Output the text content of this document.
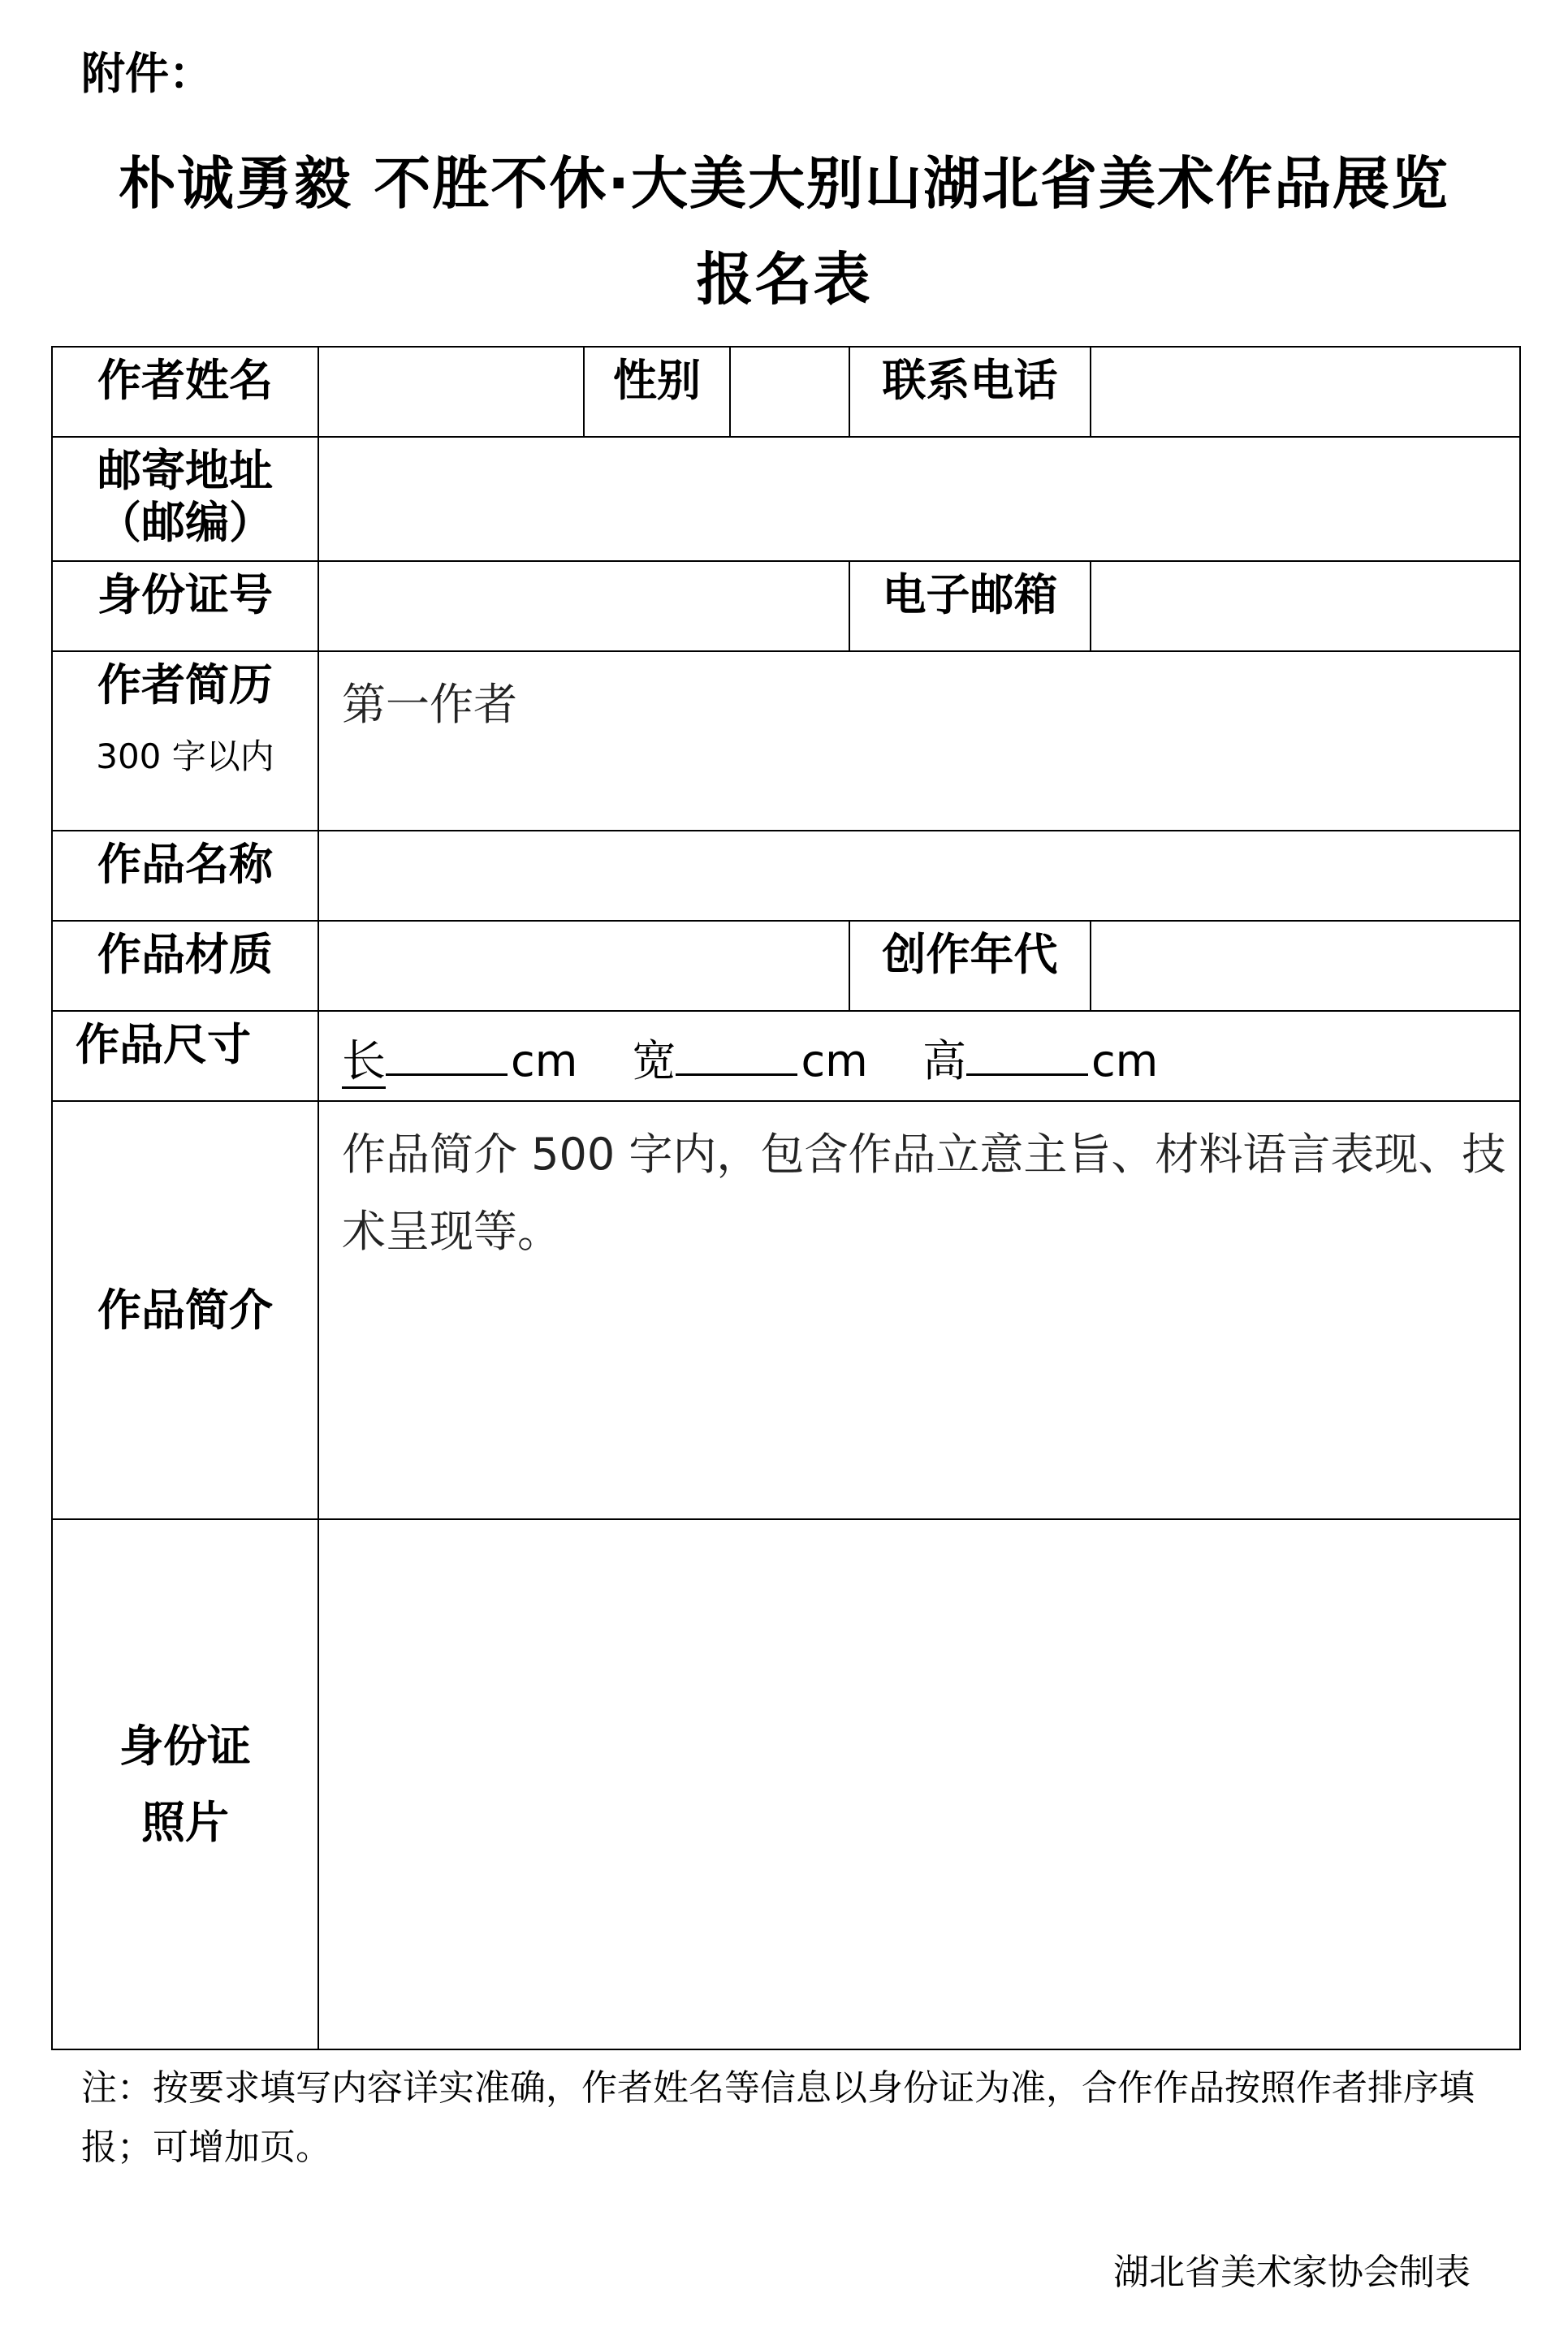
附件：
朴诚勇毅 不胜不休·大美大别山湖北省美术作品展览
报名表
作者姓名		性别		联系电话	

邮寄地址
（邮编）					

身份证号				电子邮箱	

作者简历
300 字以内	第一作者				
作品名称					
作品材质				创作年代	
作品尺寸	长 cm 宽 cm 高 cm				
作品简介	作品简介 500 字内，包含作品立意主旨、材料语言表现、技术呈现等。				

身份证
照片					

注：按要求填写内容详实准确，作者姓名等信息以身份证为准，合作作品按照作者排序填报；可增加页。
湖北省美术家协会制表
